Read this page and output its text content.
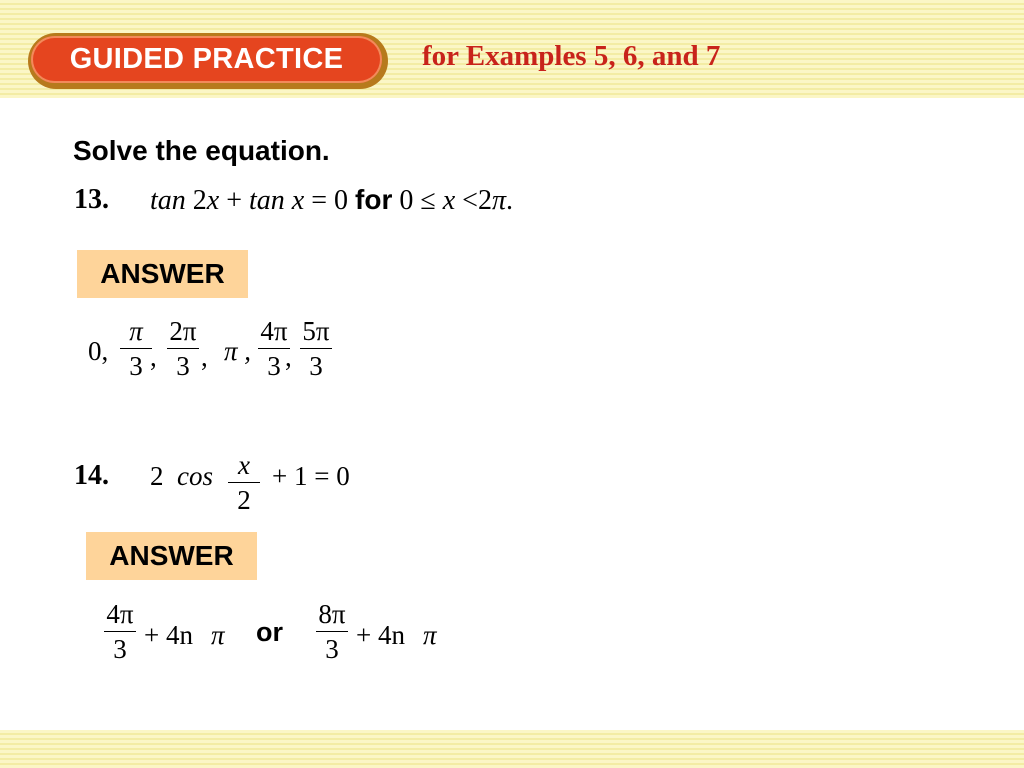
GUIDED PRACTICE	for Examples 5, 6, and 7
Solve the equation.
13. tan 2x + tan x = 0 for 0 ≤ x <2π.
ANSWER
0,
π
3 ,
2π
3 , π ,
4π
3 ,
5π
3
14. 2 cos x
2
+ 1 = 0
ANSWER
4π
3 + 4n π or
8π
3 + 4n π
